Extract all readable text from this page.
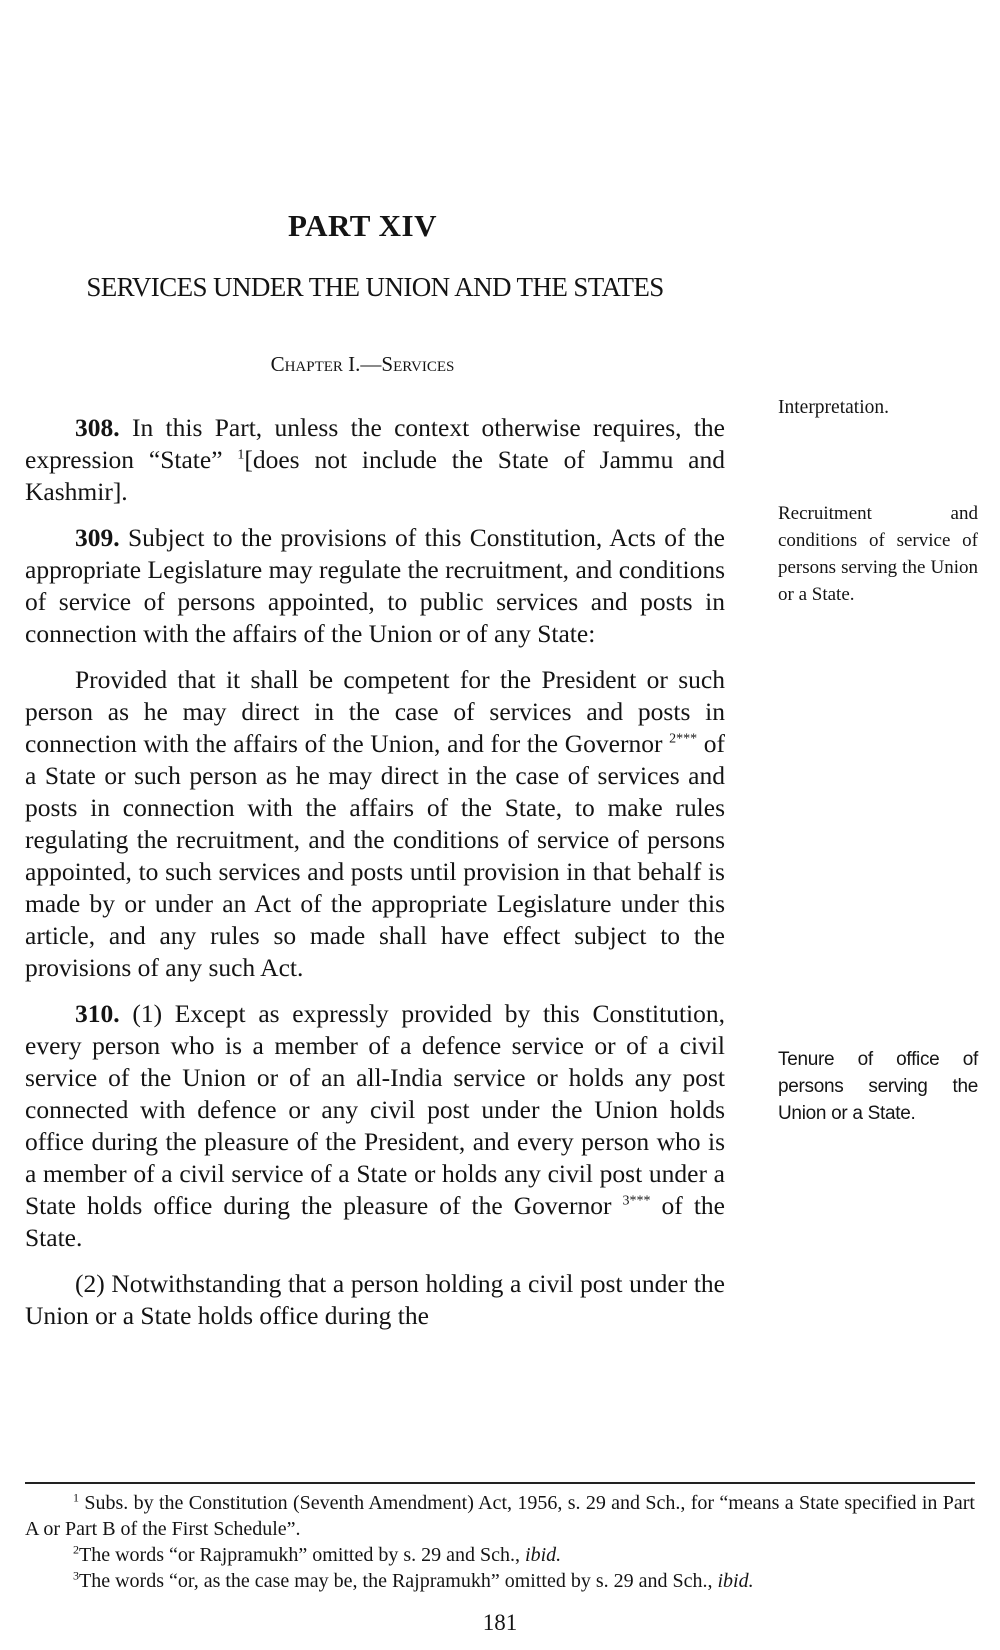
PART XIV
SERVICES UNDER THE UNION AND THE STATES
Chapter I.—Services

308. In this Part, unless the context otherwise requires, the expression “State” $^1$[does not include the State of Jammu and Kashmir].

309. Subject to the provisions of this Constitution, Acts of the appropriate Legislature may regulate the recruitment, and conditions of service of persons appointed, to public services and posts in connection with the affairs of the Union or of any State:

Provided that it shall be competent for the President or such person as he may direct in the case of services and posts in connection with the affairs of the Union, and for the Governor $^{2***}$ of a State or such person as he may direct in the case of services and posts in connection with the affairs of the State, to make rules regulating the recruitment, and the conditions of service of persons appointed, to such services and posts until provision in that behalf is made by or under an Act of the appropriate Legislature under this article, and any rules so made shall have effect subject to the provisions of any such Act.

310. (1) Except as expressly provided by this Constitution, every person who is a member of a defence service or of a civil service of the Union or of an all-India service or holds any post connected with defence or any civil post under the Union holds office during the pleasure of the President, and every person who is a member of a civil service of a State or holds any civil post under a State holds office during the pleasure of the Governor $^{3***}$ of the State.

(2) Notwithstanding that a person holding a civil post under the Union or a State holds office during the

Interpretation.
Recruitment and conditions of service of persons serving the Union or a State.
Tenure of office of persons serving the Union or a State.

$^1$ Subs. by the Constitution (Seventh Amendment) Act, 1956, s. 29 and Sch., for “means a State specified in Part A or Part B of the First Schedule”.

$^2$The words “or Rajpramukh” omitted by s. 29 and Sch., ibid.

$^3$The words “or, as the case may be, the Rajpramukh” omitted by s. 29 and Sch., ibid.

181
